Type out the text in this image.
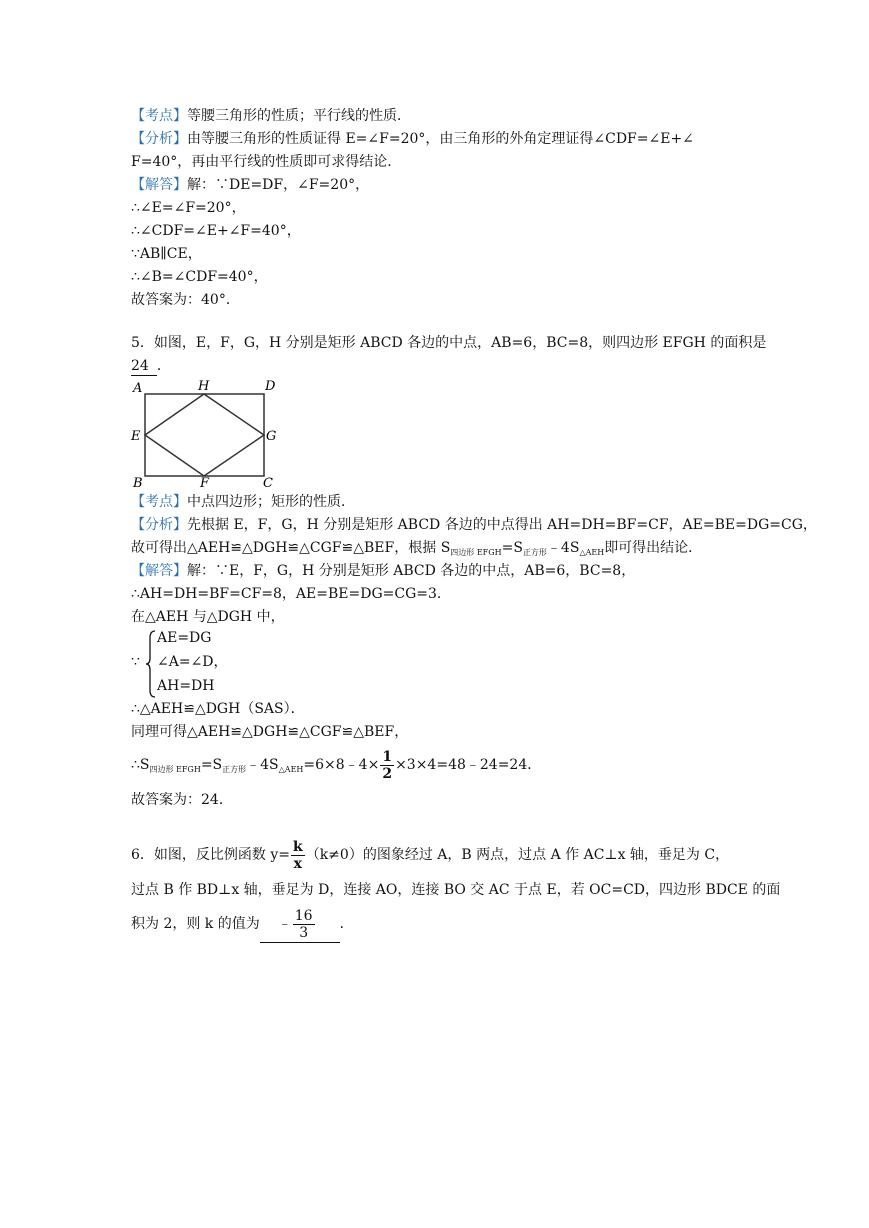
【考点】等腰三角形的性质；平行线的性质．
【分析】由等腰三角形的性质证得 E=∠F=20°，由三角形的外角定理证得∠CDF=∠E+∠
F=40°，再由平行线的性质即可求得结论．
【解答】解：∵DE=DF，∠F=20°，
∴∠E=∠F=20°，
∴∠CDF=∠E+∠F=40°，
∵AB∥CE，
∴∠B=∠CDF=40°，
故答案为：40°．
5．如图，E，F，G，H 分别是矩形 ABCD 各边的中点，AB=6，BC=8，则四边形 EFGH 的面积是
24 ．
A	H	D
E	G
B	F	C
【考点】中点四边形；矩形的性质．
【分析】先根据 E，F，G，H 分别是矩形 ABCD 各边的中点得出 AH=DH=BF=CF，AE=BE=DG=CG，
故可得出△AEH≌△DGH≌△CGF≌△BEF，根据 $S_{四边形 EFGH}=S_{正方形}﹣4S_{\triangle AEH}$即可得出结论．
【解答】解：∵E，F，G，H 分别是矩形 ABCD 各边的中点，AB=6，BC=8，
∴AH=DH=BF=CF=8，AE=BE=DG=CG=3．
在△AEH 与△DGH 中，
∵
AE=DG
∠A=∠D，
AH=DH
∴△AEH≌△DGH（SAS）．
同理可得△AEH≌△DGH≌△CGF≌△BEF，
$\therefore S_{四边形 EFGH}=S_{正方形}﹣4S_{\triangle AEH}=6\times 8﹣4\times \frac{1}{2}$ ×3×4=48﹣24=24．
故答案为：24．
6．如图，反比例函数 $y= \frac{k}{x} (k\ne 0)$的图象经过 A，B 两点，过点 A 作 AC⊥x 轴，垂足为 C，
过点 B 作 BD⊥x 轴，垂足为 D，连接 AO，连接 BO 交 AC 于点 E，若 OC=CD，四边形 BDCE 的面
积为 2，则 k 的值为 ﹣ $\frac{16}{3}$ ．
